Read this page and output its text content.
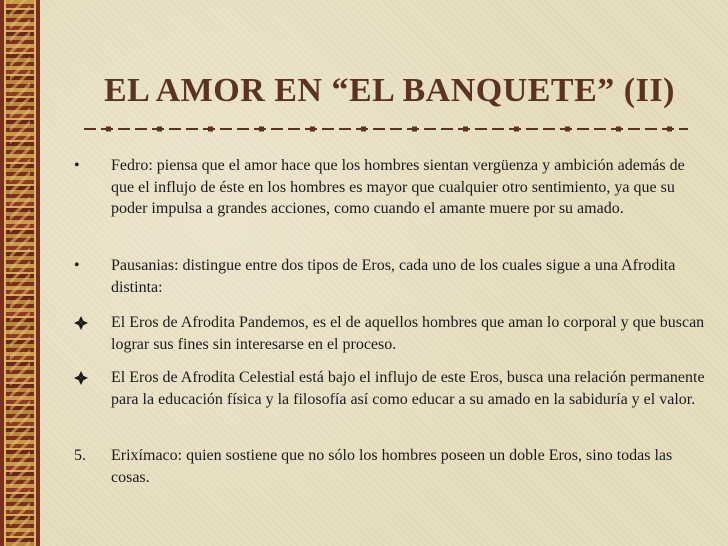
EL AMOR EN “EL BANQUETE” (II)
• Fedro: piensa que el amor hace que los hombres sientan vergüenza y ambición además de que el influjo de éste en los hombres es mayor que cualquier otro sentimiento, ya que su poder impulsa a grandes acciones, como cuando el amante muere por su amado.
• Pausanias: distingue entre dos tipos de Eros, cada uno de los cuales sigue a una Afrodita distinta:
El Eros de Afrodita Pandemos, es el de aquellos hombres que aman lo corporal y que buscan lograr sus fines sin interesarse en el proceso.
El Eros de Afrodita Celestial está bajo el influjo de este Eros, busca una relación permanente para la educación física y la filosofía así como educar a su amado en la sabiduría y el valor.
5. Erixímaco: quien sostiene que no sólo los hombres poseen un doble Eros, sino todas las cosas.
